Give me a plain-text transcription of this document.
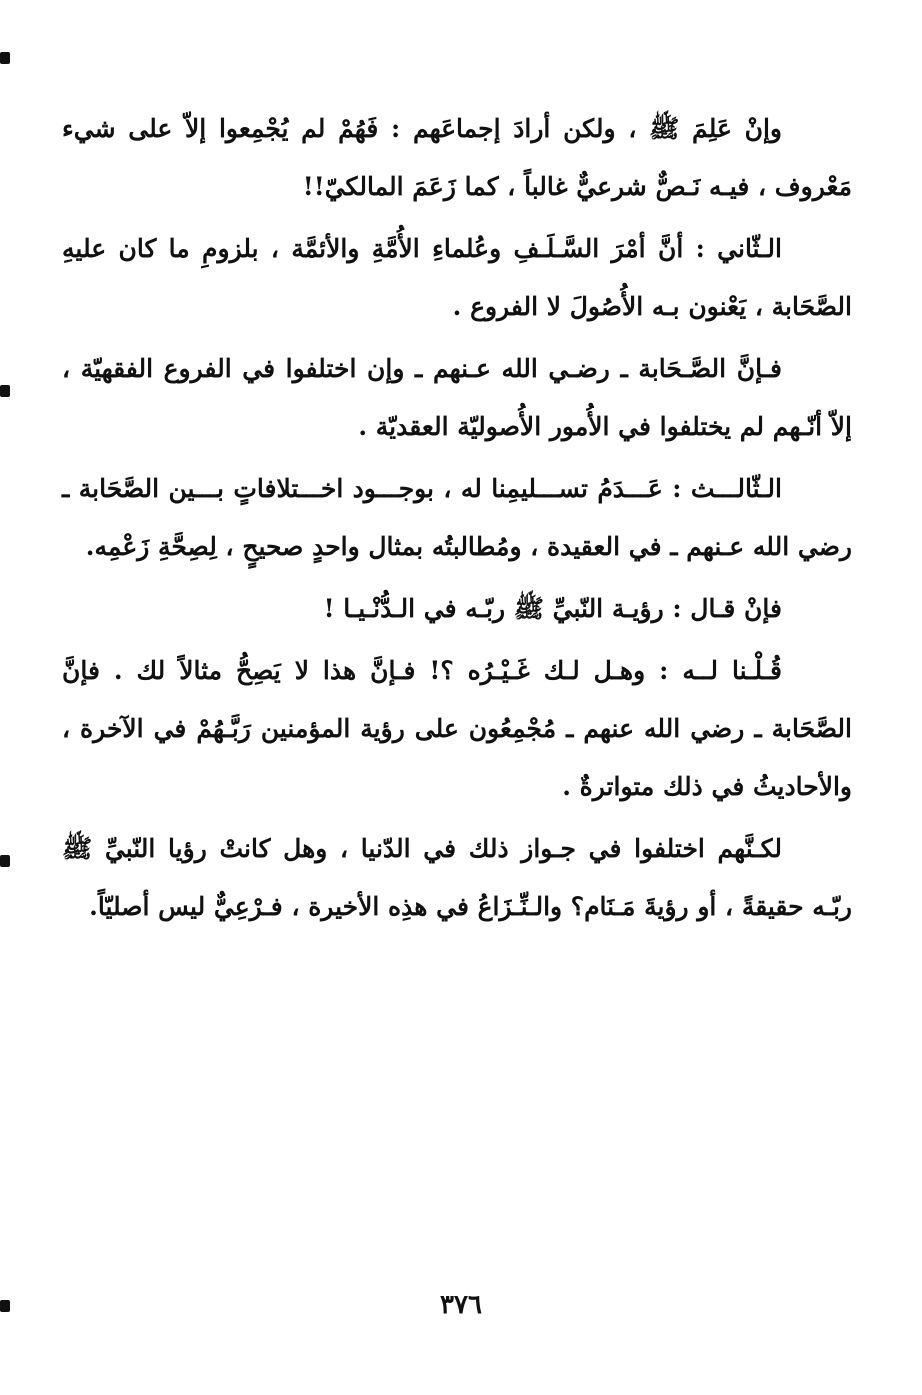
وإنْ عَلِمَ ﷺ ، ولكن أرادَ إجماعَهم : فَهُمْ لم يُجْمِعوا إلاّ على شيء مَعْروف ، فيـه نَـصٌّ شرعيٌّ غالباً ، كما زَعَمَ المالكيّ!!

الـثّاني : أنَّ أمْرَ السَّـلَـفِ وعُلماءِ الأُمَّةِ والأئمَّة ، بلزومِ ما كان عليهِ الصَّحَابة ، يَعْنون بـه الأُصُولَ لا الفروع .

فـإنَّ الصَّـحَابة ـ رضـي الله عـنهم ـ وإن اختلفوا في الفروع الفقهيّة ، إلاّ أنّـهم لم يختلفوا في الأُمور الأُصوليّة العقديّة .

الـثّالـــث : عَـــدَمُ تســـليمِنا له ، بوجـــود اخـــتلافاتٍ بـــين الصَّحَابة ـ رضي الله عـنهم ـ في العقيدة ، ومُطالبتُه بمثال واحدٍ صحيحٍ ، لِصِحَّةِ زَعْمِه.

فإنْ قـال : رؤيـة النّبيِّ ﷺ ربّـه في الـدُّنْـيـا !

قُـلْـنا لــه : وهـل لـك غَـيْـرُه ؟! فـإنَّ هذا لا يَصِحُّ مثالاً لك . فإنَّ الصَّحَابة ـ رضي الله عنهم ـ مُجْمِعُون على رؤية المؤمنين رَبَّـهُمْ في الآخرة ، والأحاديثُ في ذلك متواترةٌ .

لكـنَّهم اختلفوا في جـواز ذلك في الدّنيا ، وهل كانتْ رؤيا النّبيِّ ﷺ ربّـه حقيقةً ، أو رؤيةَ مَـنَام؟ والـنِّـزَاعُ في هذِه الأخيرة ، فـرْعِيٌّ ليس أصليّاً.

٣٧٦
